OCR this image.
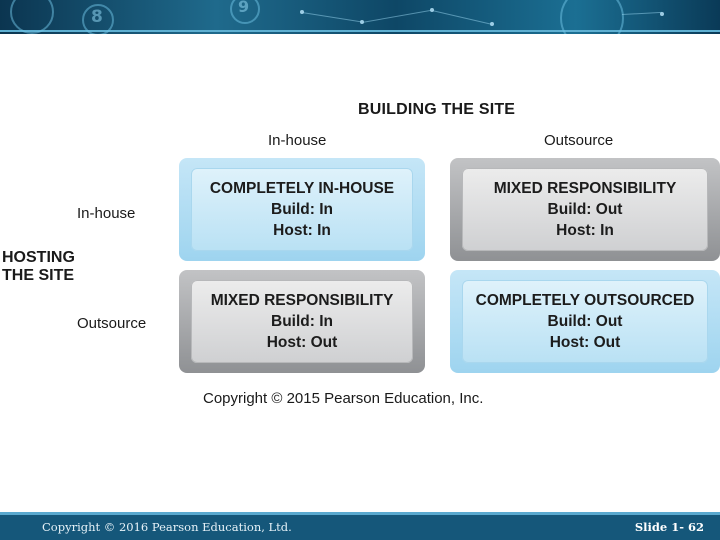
8
9
BUILDING THE SITE
In-house	Outsource
HOSTING
THE SITE
In-house
Outsource
COMPLETELY IN-HOUSE
Build: In
Host: In
MIXED RESPONSIBILITY
Build: Out
Host: In
MIXED RESPONSIBILITY
Build: In
Host: Out
COMPLETELY OUTSOURCED
Build: Out
Host: Out
Copyright © 2015 Pearson Education, Inc.
Copyright © 2016 Pearson Education, Ltd.	Slide 1- 62
